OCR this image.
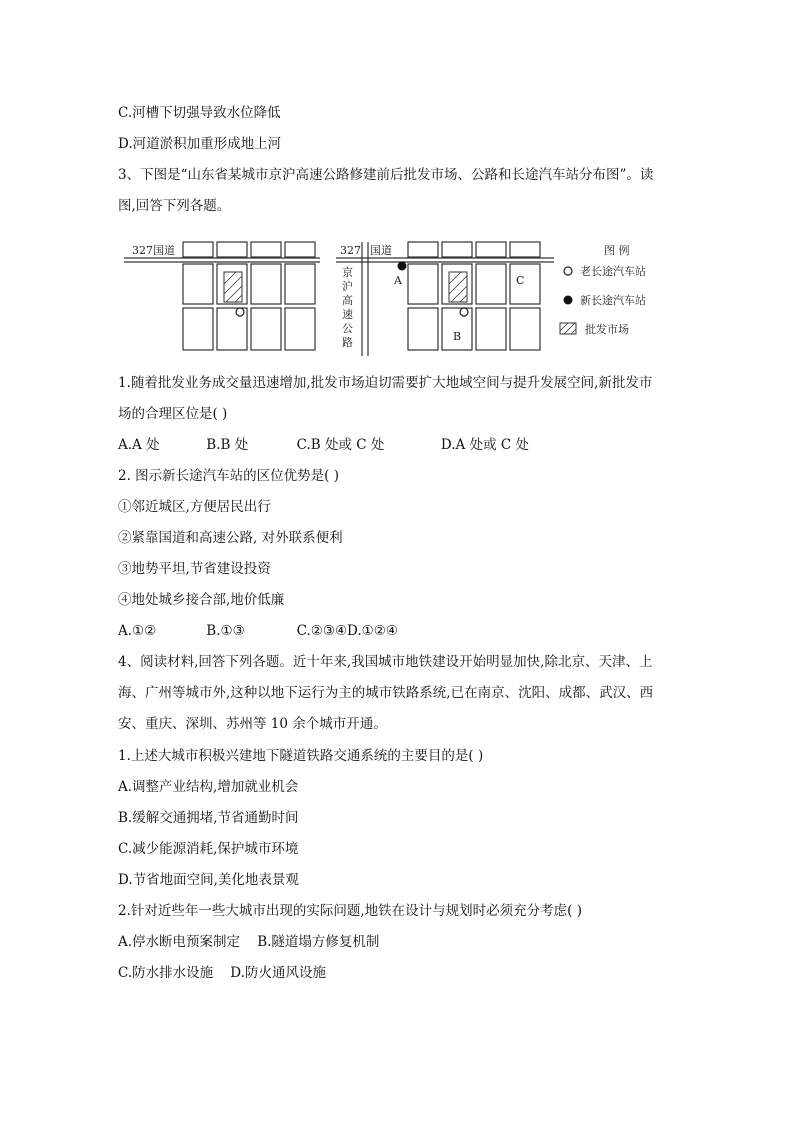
C.河槽下切强导致水位降低
D.河道淤积加重形成地上河
3、下图是“山东省某城市京沪高速公路修建前后批发市场、公路和长途汽车站分布图”。读
图,回答下列各题。
327国道	327 国道
京
沪
高
速
公
路
A
B
C
图 例
老长途汽车站
新长途汽车站
批发市场
1.随着批发业务成交量迅速增加,批发市场迫切需要扩大地域空间与提升发展空间,新批发市
场的合理区位是( )
A.A 处	B.B 处	C.B 处或 C 处	D.A 处或 C 处
2. 图示新长途汽车站的区位优势是( )
①邻近城区,方便居民出行
②紧靠国道和高速公路, 对外联系便利
③地势平坦,节省建设投资
④地处城乡接合部,地价低廉
A.①②	B.①③	C.②③④D.①②④
4、阅读材料,回答下列各题。近十年来,我国城市地铁建设开始明显加快,除北京、天津、上
海、广州等城市外,这种以地下运行为主的城市铁路系统,已在南京、沈阳、成都、武汉、西
安、重庆、深圳、苏州等 10 余个城市开通。
1.上述大城市积极兴建地下隧道铁路交通系统的主要目的是( )
A.调整产业结构,增加就业机会
B.缓解交通拥堵,节省通勤时间
C.减少能源消耗,保护城市环境
D.节省地面空间,美化地表景观
2.针对近些年一些大城市出现的实际问题,地铁在设计与规划时必须充分考虑( )
A.停水断电预案制定    B.隧道塌方修复机制
C.防水排水设施    D.防火通风设施
